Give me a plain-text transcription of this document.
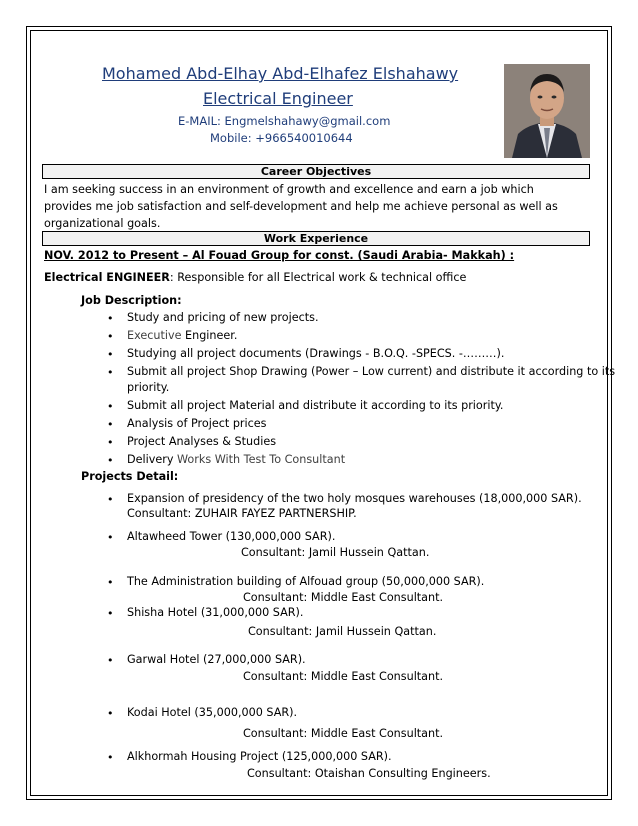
Mohamed Abd-Elhay Abd-Elhafez Elshahawy
Electrical Engineer
E-MAIL: Engmelshahawy@gmail.com
Mobile: +966540010644
Career Objectives
I am seeking success in an environment of growth and excellence and earn a job which provides me job satisfaction and self-development and help me achieve personal as well as organizational goals.
Work Experience
NOV. 2012 to Present – Al Fouad Group for const. (Saudi Arabia- Makkah) :
Electrical ENGINEER: Responsible for all Electrical work & technical office
Job Description:
• Study and pricing of new projects.
• Executive Engineer.
• Studying all project documents (Drawings - B.O.Q. -SPECS. -………).
• Submit all project Shop Drawing (Power – Low current) and distribute it according to its
priority.
• Submit all project Material and distribute it according to its priority.
• Analysis of Project prices
• Project Analyses & Studies
• Delivery Works With Test To Consultant
Projects Detail:
• Expansion of presidency of the two holy mosques warehouses (18,000,000 SAR).
Consultant: ZUHAIR FAYEZ PARTNERSHIP.
• Altawheed Tower (130,000,000 SAR).
Consultant: Jamil Hussein Qattan.
• The Administration building of Alfouad group (50,000,000 SAR).
Consultant: Middle East Consultant.
• Shisha Hotel (31,000,000 SAR).
Consultant: Jamil Hussein Qattan.
• Garwal Hotel (27,000,000 SAR).
Consultant: Middle East Consultant.
• Kodai Hotel (35,000,000 SAR).
Consultant: Middle East Consultant.
• Alkhormah Housing Project (125,000,000 SAR).
Consultant: Otaishan Consulting Engineers.
